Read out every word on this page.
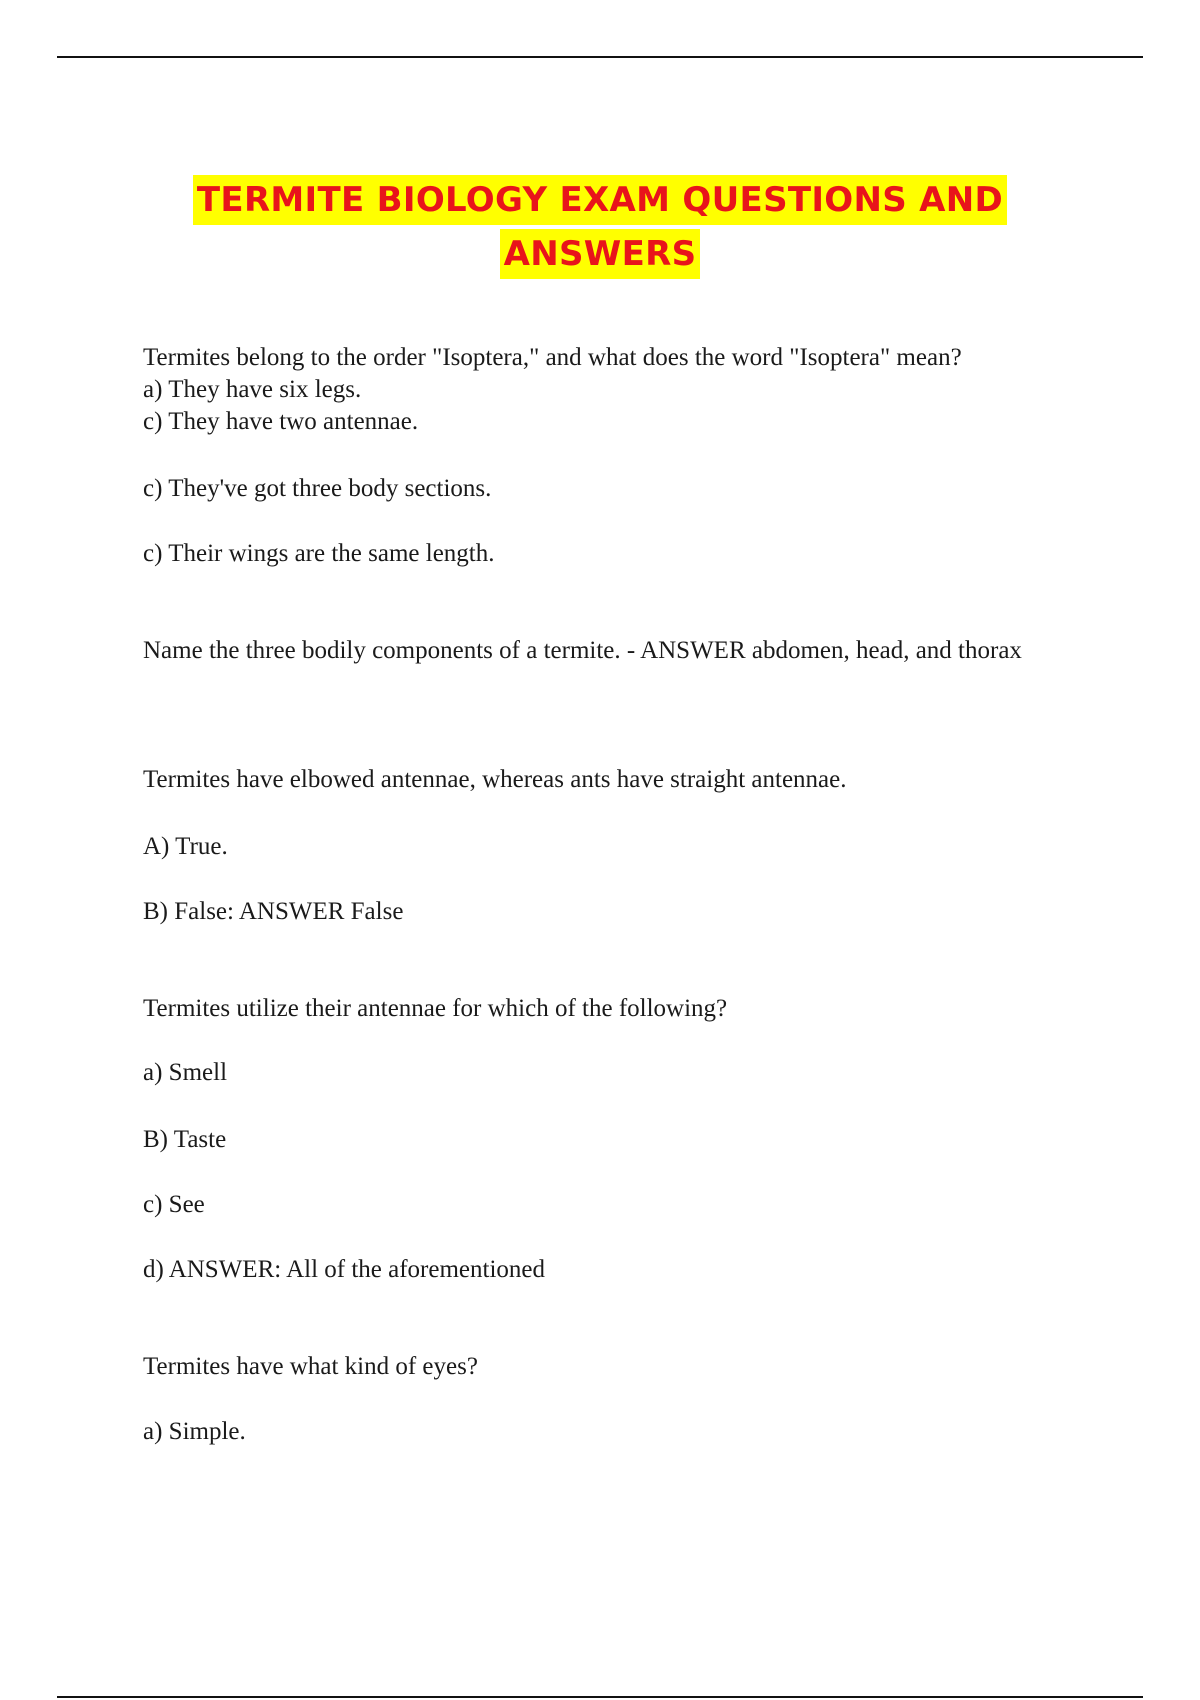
TERMITE BIOLOGY EXAM QUESTIONS AND
ANSWERS

Termites belong to the order "Isoptera," and what does the word "Isoptera" mean?

a) They have six legs.

c) They have two antennae.

c) They've got three body sections.

c) Their wings are the same length.

Name the three bodily components of a termite. - ANSWER abdomen, head, and thorax

Termites have elbowed antennae, whereas ants have straight antennae.

A) True.

B) False: ANSWER False

Termites utilize their antennae for which of the following?

a) Smell

B) Taste

c) See

d) ANSWER: All of the aforementioned

Termites have what kind of eyes?

a) Simple.
